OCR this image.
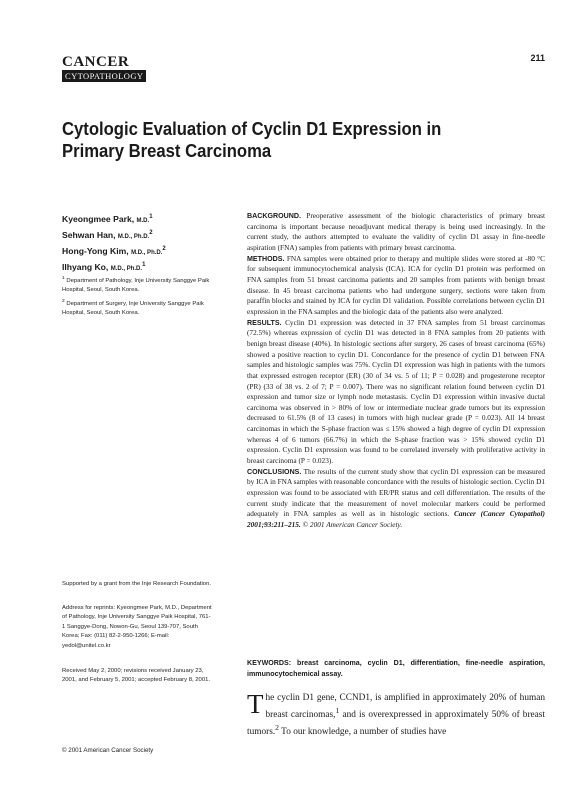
CANCER
CYTOPATHOLOGY
211
Cytologic Evaluation of Cyclin D1 Expression in Primary Breast Carcinoma
Kyeongmee Park, M.D.$^1$
Sehwan Han, M.D., Ph.D.$^2$
Hong-Yong Kim, M.D., Ph.D.$^2$
Ilhyang Ko, M.D., Ph.D.$^1$
$^1$ Department of Pathology, Inje University Sanggye Paik Hospital, Seoul, South Korea.
$^2$ Department of Surgery, Inje University Sanggye Paik Hospital, Seoul, South Korea.
Supported by a grant from the Inje Research Foundation.
Address for reprints: Kyeongmee Park, M.D., Department of Pathology, Inje University Sanggye Paik Hospital, 761-1 Sanggye-Dong, Nowon-Gu, Seoul 139-707, South Korea; Fax: (011) 82-2-950-1266; E-mail: yedol@unitel.co.kr
Received May 2, 2000; revisions received January 23, 2001, and February 5, 2001; accepted February 8, 2001.
© 2001 American Cancer Society

BACKGROUND. Preoperative assessment of the biologic characteristics of primary breast carcinoma is important because neoadjuvant medical therapy is being used increasingly. In the current study, the authors attempted to evaluate the validity of cyclin D1 assay in fine-needle aspiration (FNA) samples from patients with primary breast carcinoma.

METHODS. FNA samples were obtained prior to therapy and multiple slides were stored at -80 °C for subsequent immunocytochemical analysis (ICA). ICA for cyclin D1 protein was performed on FNA samples from 51 breast carcinoma patients and 20 samples from patients with benign breast disease. In 45 breast carcinoma patients who had undergone surgery, sections were taken from paraffin blocks and stained by ICA for cyclin D1 validation. Possible correlations between cyclin D1 expression in the FNA samples and the biologic data of the patients also were analyzed.

RESULTS. Cyclin D1 expression was detected in 37 FNA samples from 51 breast carcinomas (72.5%) whereas expression of cyclin D1 was detected in 8 FNA samples from 20 patients with benign breast disease (40%). In histologic sections after surgery, 26 cases of breast carcinoma (65%) showed a positive reaction to cyclin D1. Concordance for the presence of cyclin D1 between FNA samples and histologic samples was 75%. Cyclin D1 expression was high in patients with the tumors that expressed estrogen receptor (ER) (30 of 34 vs. 5 of 11; P = 0.028) and progesterone receptor (PR) (33 of 38 vs. 2 of 7; P = 0.007). There was no significant relation found between cyclin D1 expression and tumor size or lymph node metastasis. Cyclin D1 expression within invasive ductal carcinoma was observed in > 80% of low or intermediate nuclear grade tumors but its expression decreased to 61.5% (8 of 13 cases) in tumors with high nuclear grade (P = 0.023). All 14 breast carcinomas in which the S-phase fraction was ≤ 15% showed a high degree of cyclin D1 expression whereas 4 of 6 tumors (66.7%) in which the S-phase fraction was > 15% showed cyclin D1 expression. Cyclin D1 expression was found to be correlated inversely with proliferative activity in breast carcinoma (P = 0.023).

CONCLUSIONS. The results of the current study show that cyclin D1 expression can be measured by ICA in FNA samples with reasonable concordance with the results of histologic section. Cyclin D1 expression was found to be associated with ER/PR status and cell differentiation. The results of the current study indicate that the measurement of novel molecular markers could be performed adequately in FNA samples as well as in histologic sections. Cancer (Cancer Cytopathol) 2001;93:211–215. © 2001 American Cancer Society.

KEYWORDS: breast carcinoma, cyclin D1, differentiation, fine-needle aspiration, immunocytochemical assay.
The cyclin D1 gene, CCND1, is amplified in approximately 20% of human breast carcinomas,$^1$ and is overexpressed in approximately 50% of breast tumors.$^2$ To our knowledge, a number of studies have
